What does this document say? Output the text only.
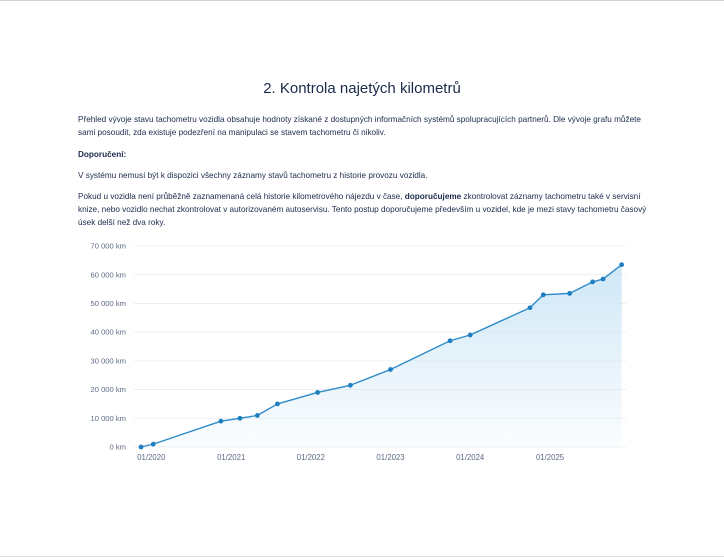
2. Kontrola najetých kilometrů

Přehled vývoje stavu tachometru vozidla obsahuje hodnoty získané z dostupných informačních systémů spolupracujících partnerů. Dle vývoje grafu můžete sami posoudit, zda existuje podezření na manipulaci se stavem tachometru či nikoliv.

Doporučení:

V systému nemusí být k dispozici všechny záznamy stavů tachometru z historie provozu vozidla.

Pokud u vozidla není průběžně zaznamenaná celá historie kilometrového nájezdu v čase, doporučujeme zkontrolovat záznamy tachometru také v servisní knize, nebo vozidlo nechat zkontrolovat v autorizovaném autoservisu. Tento postup doporučujeme především u vozidel, kde je mezi stavy tachometru časový úsek delší než dva roky.

0 km
10 000 km
20 000 km
30 000 km
40 000 km
50 000 km
60 000 km
70 000 km
01/2020	01/2021	01/2022	01/2023	01/2024	01/2025
